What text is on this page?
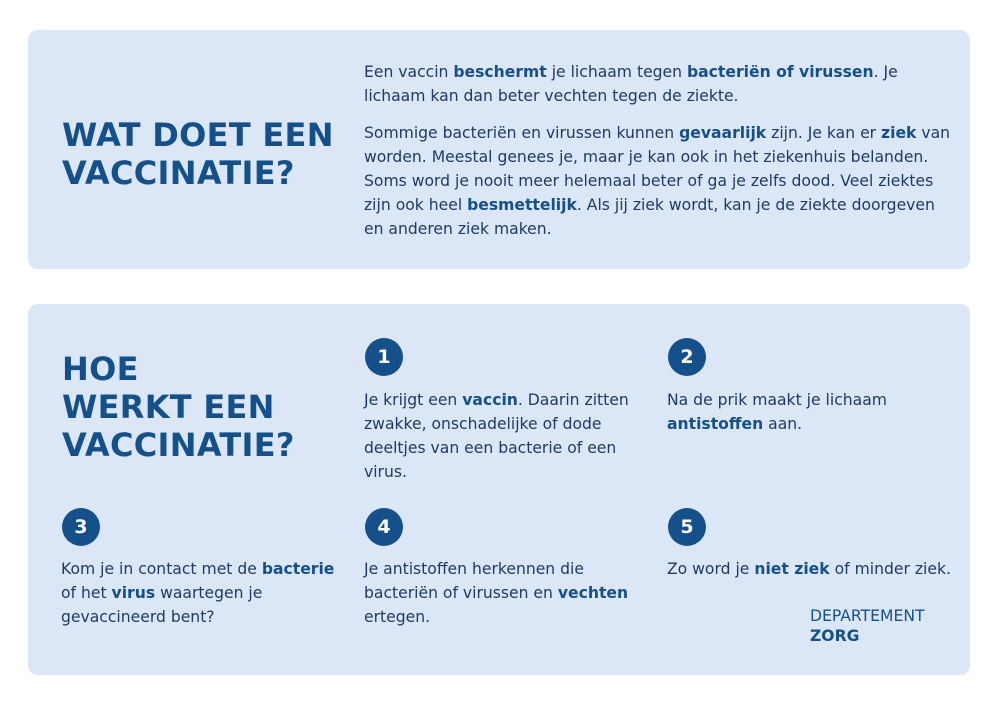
WAT DOET EEN
VACCINATIE?

Een vaccin beschermt je lichaam tegen bacteriën of virussen. Je lichaam kan dan beter vechten tegen de ziekte.

Sommige bacteriën en virussen kunnen gevaarlijk zijn. Je kan er ziek van worden. Meestal genees je, maar je kan ook in het ziekenhuis belanden. Soms word je nooit meer helemaal beter of ga je zelfs dood. Veel ziektes zijn ook heel besmettelijk. Als jij ziek wordt, kan je de ziekte doorgeven en anderen ziek maken.

HOE
WERKT EEN
VACCINATIE?
1

Je krijgt een vaccin. Daarin zitten zwakke, onschadelijke of dode deeltjes van een bacterie of een virus.

2

Na de prik maakt je lichaam antistoffen aan.

3

Kom je in contact met de bacterie of het virus waartegen je gevaccineerd bent?

4

Je antistoffen herkennen die bacteriën of virussen en vechten ertegen.

5

Zo word je niet ziek of minder ziek.

DEPARTEMENT
ZORG
